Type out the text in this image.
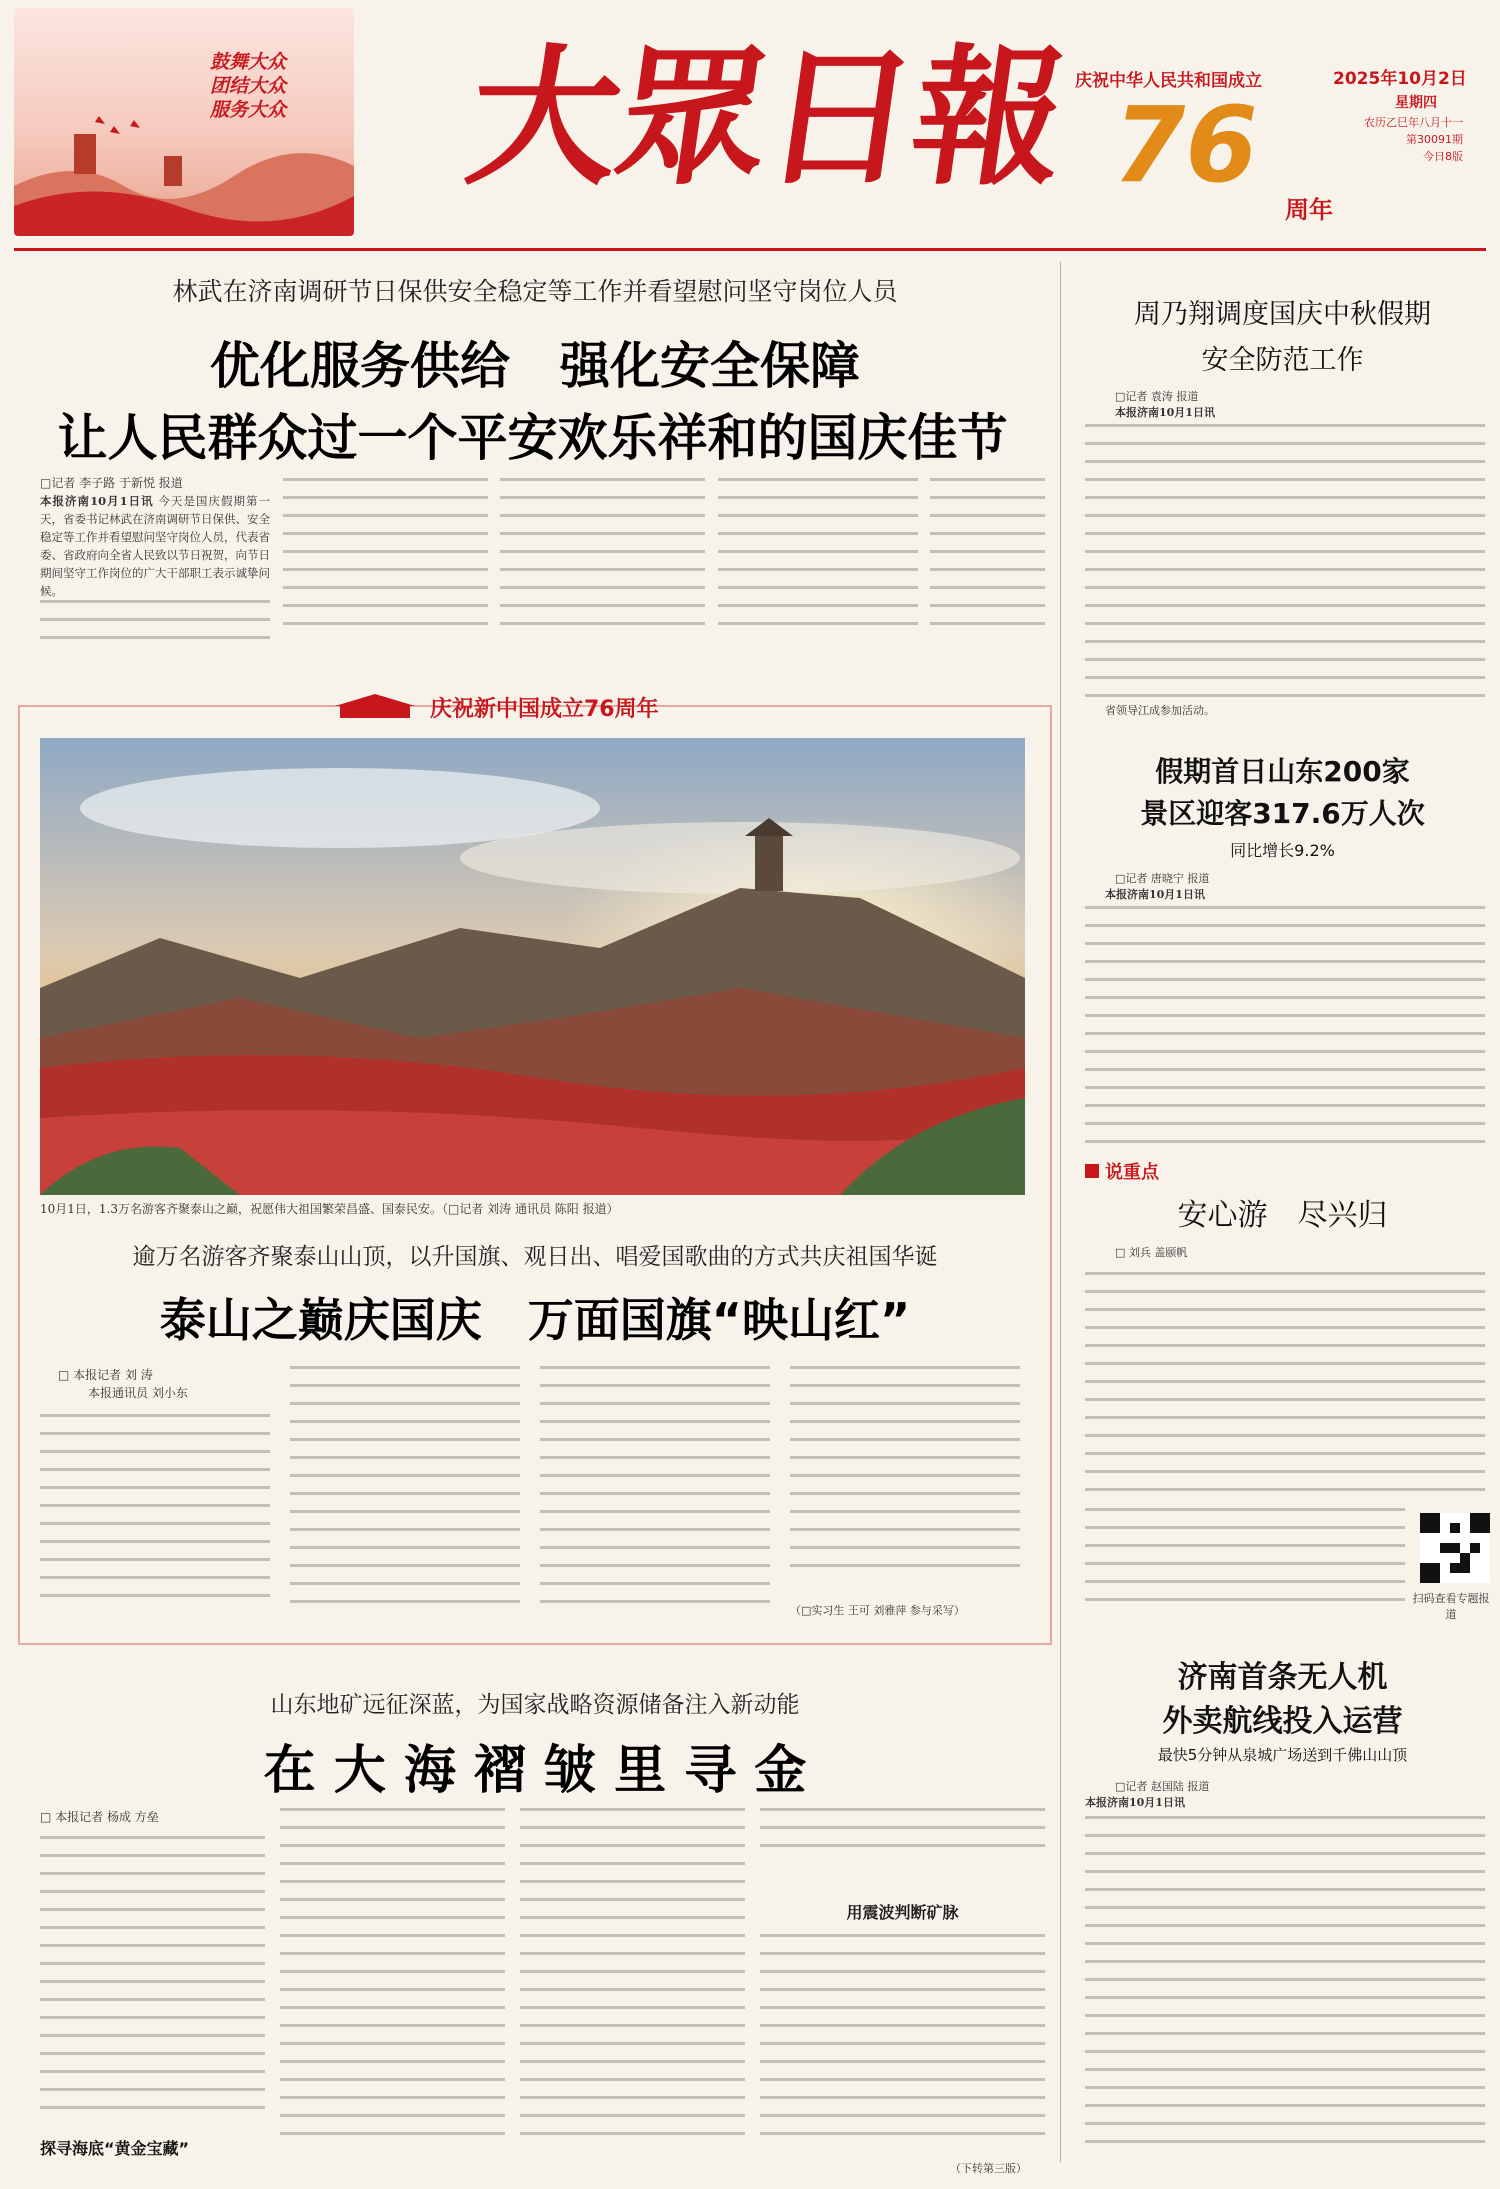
鼓舞大众
团结大众
服务大众 大眾日報 庆祝中华人民共和国成立	2025年10月2日
星期四
农历乙巳年八月十一
第30091期
今日8版
76
周年
林武在济南调研节日保供安全稳定等工作并看望慰问坚守岗位人员
优化服务供给　强化安全保障
让人民群众过一个平安欢乐祥和的国庆佳节
□记者 李子路 于新悦 报道
本报济南10月1日讯 今天是国庆假期第一天，省委书记林武在济南调研节日保供、安全稳定等工作并看望慰问坚守岗位人员，代表省委、省政府向全省人民致以节日祝贺，向节日期间坚守工作岗位的广大干部职工表示诚挚问候。
庆祝新中国成立76周年
10月1日，1.3万名游客齐聚泰山之巅，祝愿伟大祖国繁荣昌盛、国泰民安。（□记者 刘涛 通讯员 陈阳 报道）
逾万名游客齐聚泰山山顶，以升国旗、观日出、唱爱国歌曲的方式共庆祖国华诞
泰山之巅庆国庆　万面国旗“映山红”
□ 本报记者 刘 涛
本报通讯员 刘小东
（□实习生 王可 刘雅萍 参与采写）
山东地矿远征深蓝，为国家战略资源储备注入新动能
在 大 海 褶 皱 里 寻 金
□ 本报记者 杨成 方垒
探寻海底“黄金宝藏”
用震波判断矿脉
（下转第三版）
周乃翔调度国庆中秋假期
安全防范工作
□记者 袁涛 报道
本报济南10月1日讯
省领导江成参加活动。
假期首日山东200家
景区迎客317.6万人次
同比增长9.2%
□记者 唐晓宁 报道
本报济南10月1日讯
说重点
安心游　尽兴归
□ 刘兵 盖颐帆
扫码查看专题报道
济南首条无人机
外卖航线投入运营
最快5分钟从泉城广场送到千佛山山顶
□记者 赵国陆 报道
本报济南10月1日讯
